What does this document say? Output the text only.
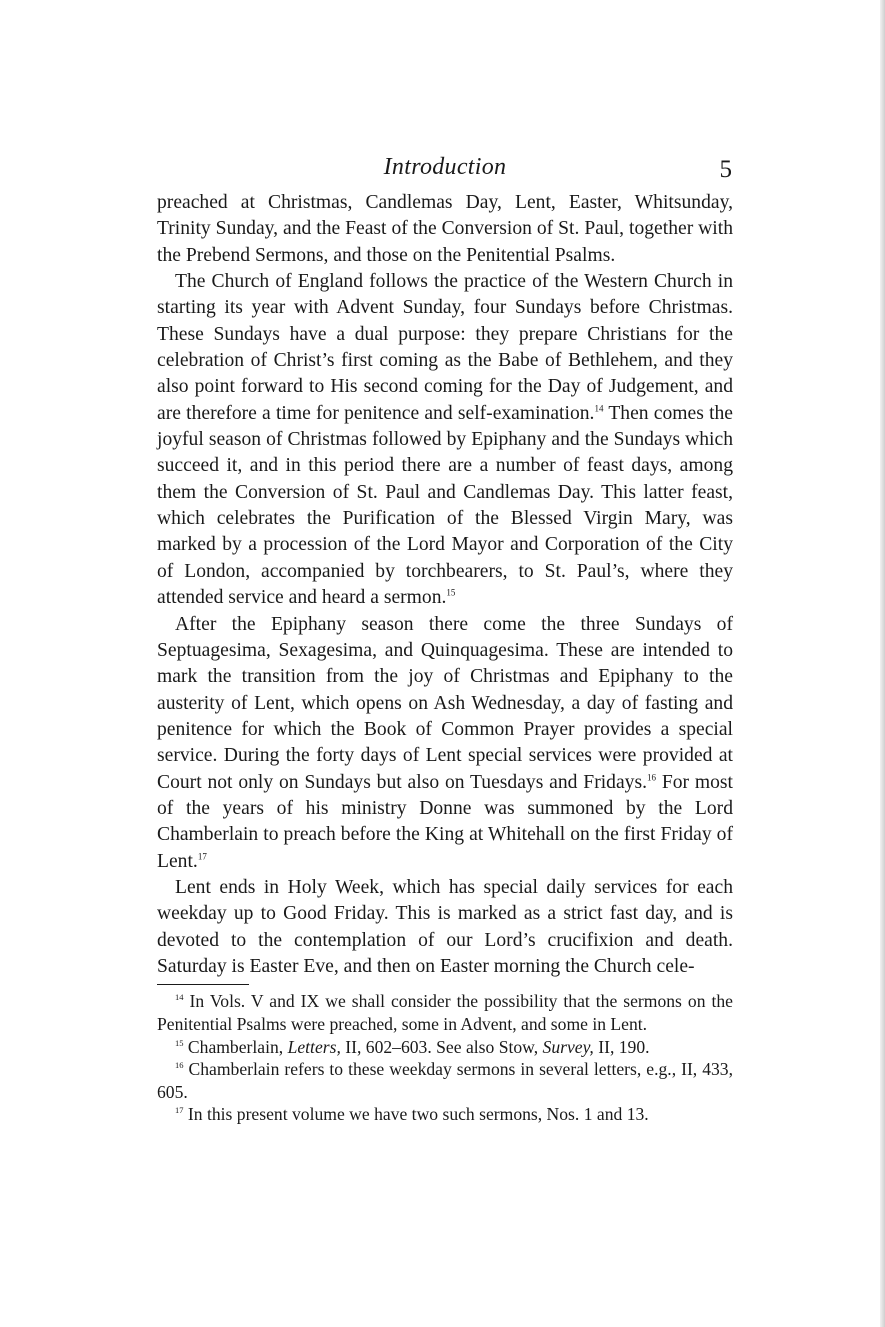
Introduction	5

preached at Christmas, Candlemas Day, Lent, Easter, Whitsunday, Trinity Sunday, and the Feast of the Conversion of St. Paul, together with the Prebend Sermons, and those on the Penitential Psalms.

The Church of England follows the practice of the Western Church in starting its year with Advent Sunday, four Sundays before Christmas. These Sundays have a dual purpose: they prepare Christians for the celebration of Christ’s first coming as the Babe of Bethlehem, and they also point forward to His second coming for the Day of Judgement, and are therefore a time for penitence and self-examination.$^{14}$ Then comes the joyful season of Christmas followed by Epiphany and the Sundays which succeed it, and in this period there are a number of feast days, among them the Conversion of St. Paul and Candlemas Day. This latter feast, which celebrates the Purification of the Blessed Virgin Mary, was marked by a procession of the Lord Mayor and Corporation of the City of London, accompanied by torchbearers, to St. Paul’s, where they attended service and heard a sermon.$^{15}$

After the Epiphany season there come the three Sundays of Septuagesima, Sexagesima, and Quinquagesima. These are intended to mark the transition from the joy of Christmas and Epiphany to the austerity of Lent, which opens on Ash Wednesday, a day of fasting and penitence for which the Book of Common Prayer provides a special service. During the forty days of Lent special services were provided at Court not only on Sundays but also on Tuesdays and Fridays.$^{16}$ For most of the years of his ministry Donne was summoned by the Lord Chamberlain to preach before the King at Whitehall on the first Friday of Lent.$^{17}$

Lent ends in Holy Week, which has special daily services for each weekday up to Good Friday. This is marked as a strict fast day, and is devoted to the contemplation of our Lord’s crucifixion and death. Saturday is Easter Eve, and then on Easter morning the Church cele-

$^{14}$ In Vols. V and IX we shall consider the possibility that the sermons on the Penitential Psalms were preached, some in Advent, and some in Lent.

$^{15}$ Chamberlain, Letters, II, 602–603. See also Stow, Survey, II, 190.

$^{16}$ Chamberlain refers to these weekday sermons in several letters, e.g., II, 433, 605.

$^{17}$ In this present volume we have two such sermons, Nos. 1 and 13.
